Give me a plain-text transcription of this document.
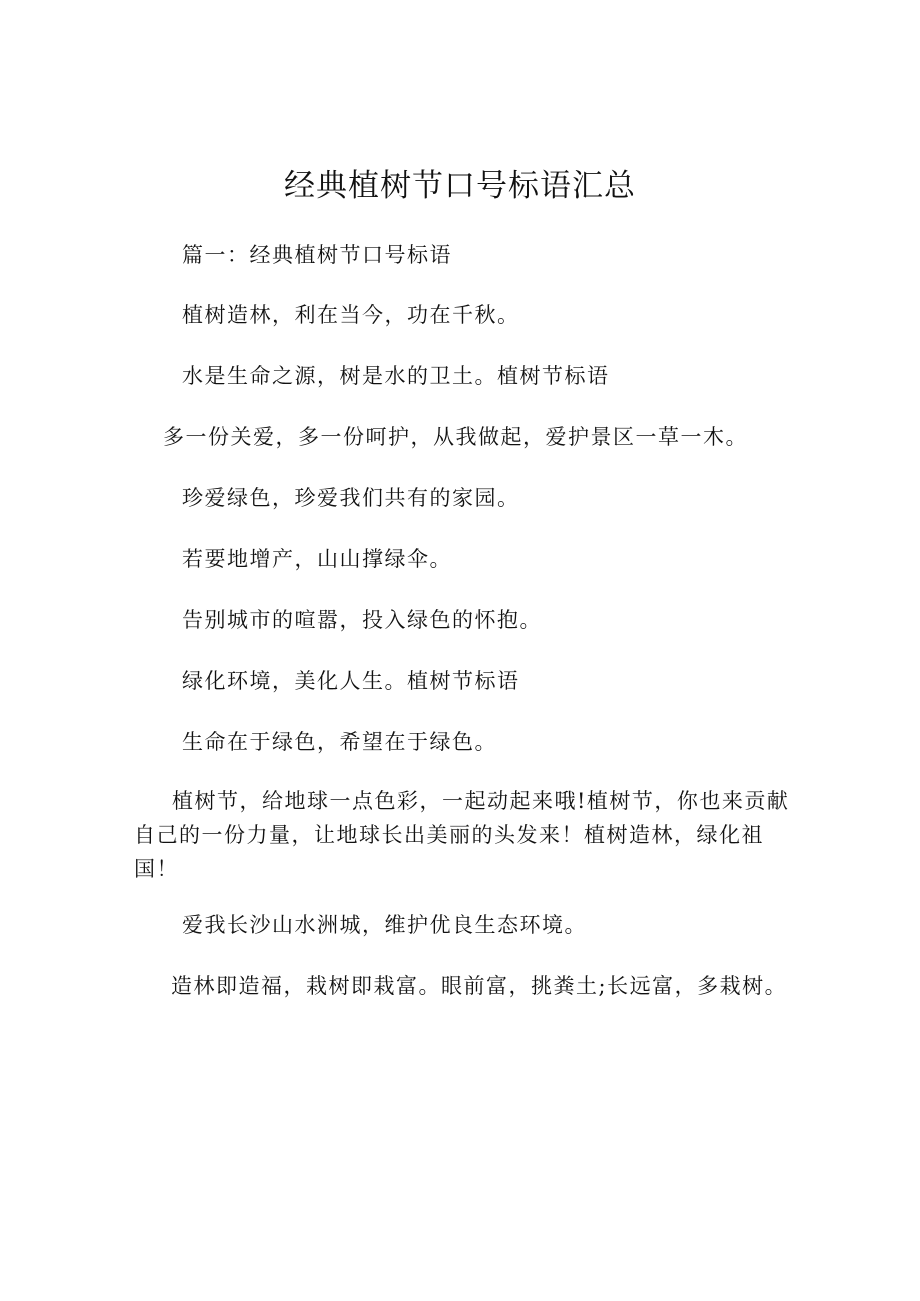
经典植树节口号标语汇总

篇一：经典植树节口号标语

植树造林，利在当今，功在千秋。

水是生命之源，树是水的卫土。植树节标语

多一份关爱，多一份呵护，从我做起，爱护景区一草一木。

珍爱绿色，珍爱我们共有的家园。

若要地增产，山山撑绿伞。

告别城市的喧嚣，投入绿色的怀抱。

绿化环境，美化人生。植树节标语

生命在于绿色，希望在于绿色。

植树节，给地球一点色彩，一起动起来哦!植树节，你也来贡献自己的一份力量，让地球长出美丽的头发来！植树造林，绿化祖国！

爱我长沙山水洲城，维护优良生态环境。

造林即造福，栽树即栽富。眼前富，挑粪土;长远富，多栽树。
